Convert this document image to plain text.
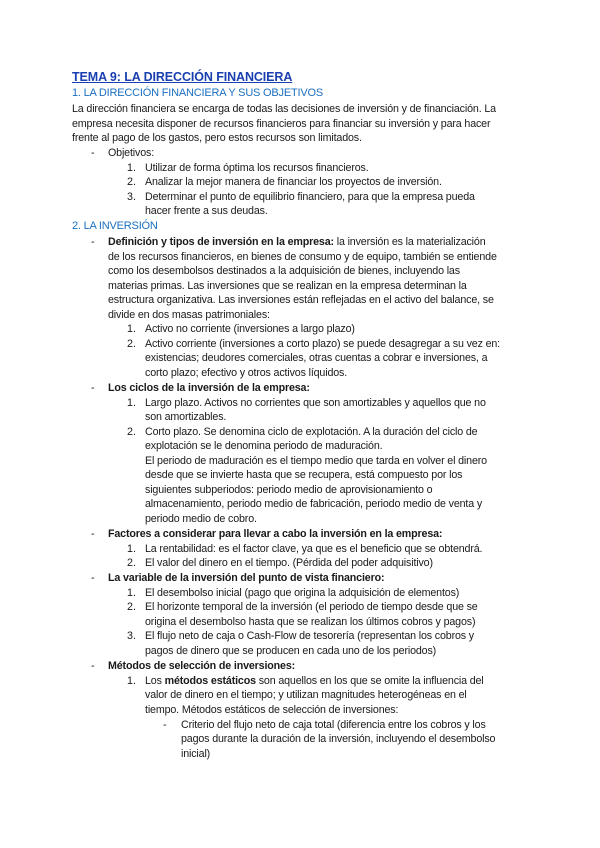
TEMA 9: LA DIRECCIÓN FINANCIERA
1. LA DIRECCIÓN FINANCIERA Y SUS OBJETIVOS
La dirección financiera se encarga de todas las decisiones de inversión y de financiación. La
empresa necesita disponer de recursos financieros para financiar su inversión y para hacer
frente al pago de los gastos, pero estos recursos son limitados.
- Objetivos:
1. Utilizar de forma óptima los recursos financieros.
2. Analizar la mejor manera de financiar los proyectos de inversión.
3. Determinar el punto de equilibrio financiero, para que la empresa pueda
hacer frente a sus deudas.
2. LA INVERSIÓN
- Definición y tipos de inversión en la empresa: la inversión es la materialización
de los recursos financieros, en bienes de consumo y de equipo, también se entiende
como los desembolsos destinados a la adquisición de bienes, incluyendo las
materias primas. Las inversiones que se realizan en la empresa determinan la
estructura organizativa. Las inversiones están reflejadas en el activo del balance, se
divide en dos masas patrimoniales:
1. Activo no corriente (inversiones a largo plazo)
2. Activo corriente (inversiones a corto plazo) se puede desagregar a su vez en:
existencias; deudores comerciales, otras cuentas a cobrar e inversiones, a
corto plazo; efectivo y otros activos líquidos.
- Los ciclos de la inversión de la empresa:
1. Largo plazo. Activos no corrientes que son amortizables y aquellos que no
son amortizables.
2. Corto plazo. Se denomina ciclo de explotación. A la duración del ciclo de
explotación se le denomina periodo de maduración.
El periodo de maduración es el tiempo medio que tarda en volver el dinero
desde que se invierte hasta que se recupera, está compuesto por los
siguientes subperiodos: periodo medio de aprovisionamiento o
almacenamiento, periodo medio de fabricación, periodo medio de venta y
periodo medio de cobro.
- Factores a considerar para llevar a cabo la inversión en la empresa:
1. La rentabilidad: es el factor clave, ya que es el beneficio que se obtendrá.
2. El valor del dinero en el tiempo. (Pérdida del poder adquisitivo)
- La variable de la inversión del punto de vista financiero:
1. El desembolso inicial (pago que origina la adquisición de elementos)
2. El horizonte temporal de la inversión (el periodo de tiempo desde que se
origina el desembolso hasta que se realizan los últimos cobros y pagos)
3. El flujo neto de caja o Cash-Flow de tesorería (representan los cobros y
pagos de dinero que se producen en cada uno de los periodos)
- Métodos de selección de inversiones:
1. Los métodos estáticos son aquellos en los que se omite la influencia del
valor de dinero en el tiempo; y utilizan magnitudes heterogéneas en el
tiempo. Métodos estáticos de selección de inversiones:
- Criterio del flujo neto de caja total (diferencia entre los cobros y los
pagos durante la duración de la inversión, incluyendo el desembolso
inicial)
